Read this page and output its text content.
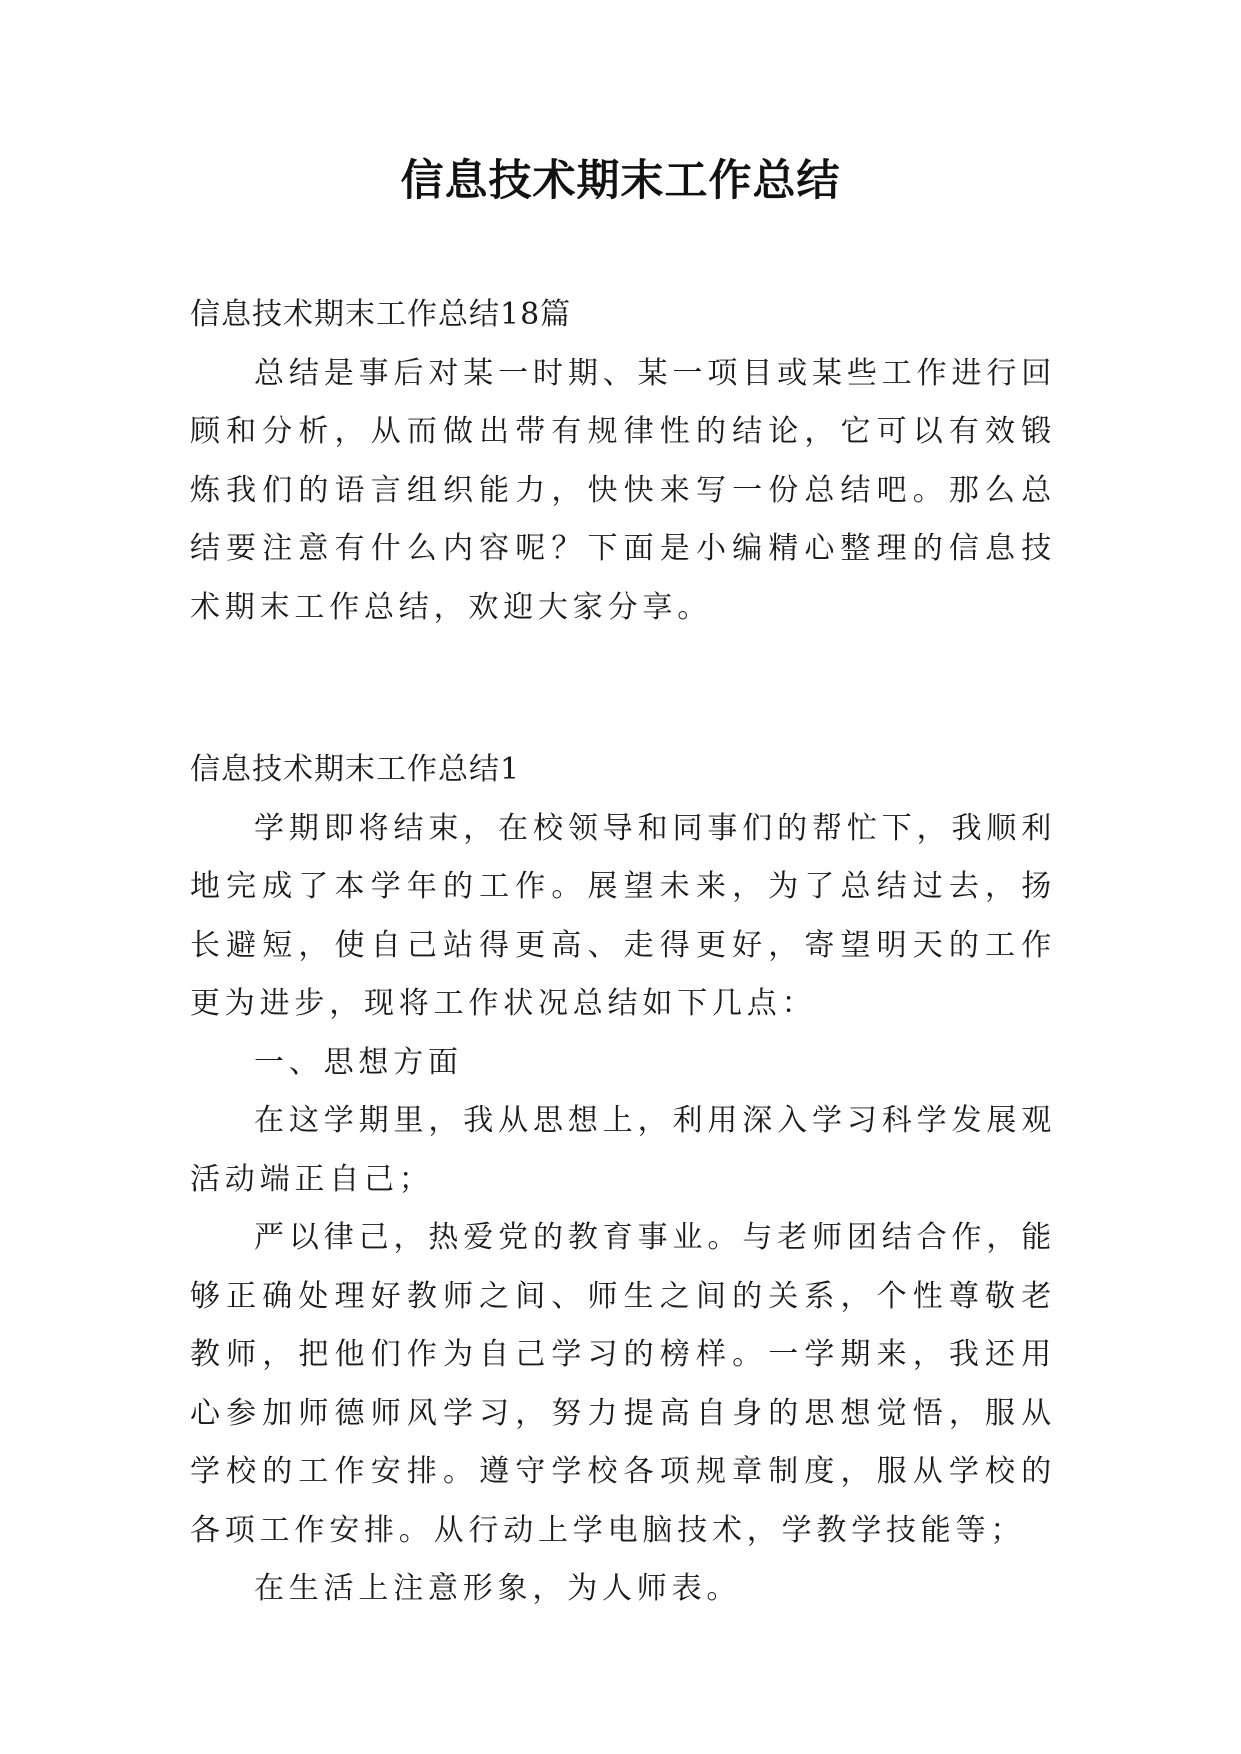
信息技术期末工作总结

信息技术期末工作总结18篇

总结是事后对某一时期、某一项目或某些工作进行回顾和分析，从而做出带有规律性的结论，它可以有效锻炼我们的语言组织能力，快快来写一份总结吧。那么总结要注意有什么内容呢？下面是小编精心整理的信息技术期末工作总结，欢迎大家分享。

信息技术期末工作总结1

学期即将结束，在校领导和同事们的帮忙下，我顺利地完成了本学年的工作。展望未来，为了总结过去，扬长避短，使自己站得更高、走得更好，寄望明天的工作更为进步，现将工作状况总结如下几点：

一、思想方面

在这学期里，我从思想上，利用深入学习科学发展观活动端正自己；

严以律己，热爱党的教育事业。与老师团结合作，能够正确处理好教师之间、师生之间的关系，个性尊敬老教师，把他们作为自己学习的榜样。一学期来，我还用心参加师德师风学习，努力提高自身的思想觉悟，服从学校的工作安排。遵守学校各项规章制度，服从学校的各项工作安排。从行动上学电脑技术，学教学技能等；

在生活上注意形象，为人师表。
